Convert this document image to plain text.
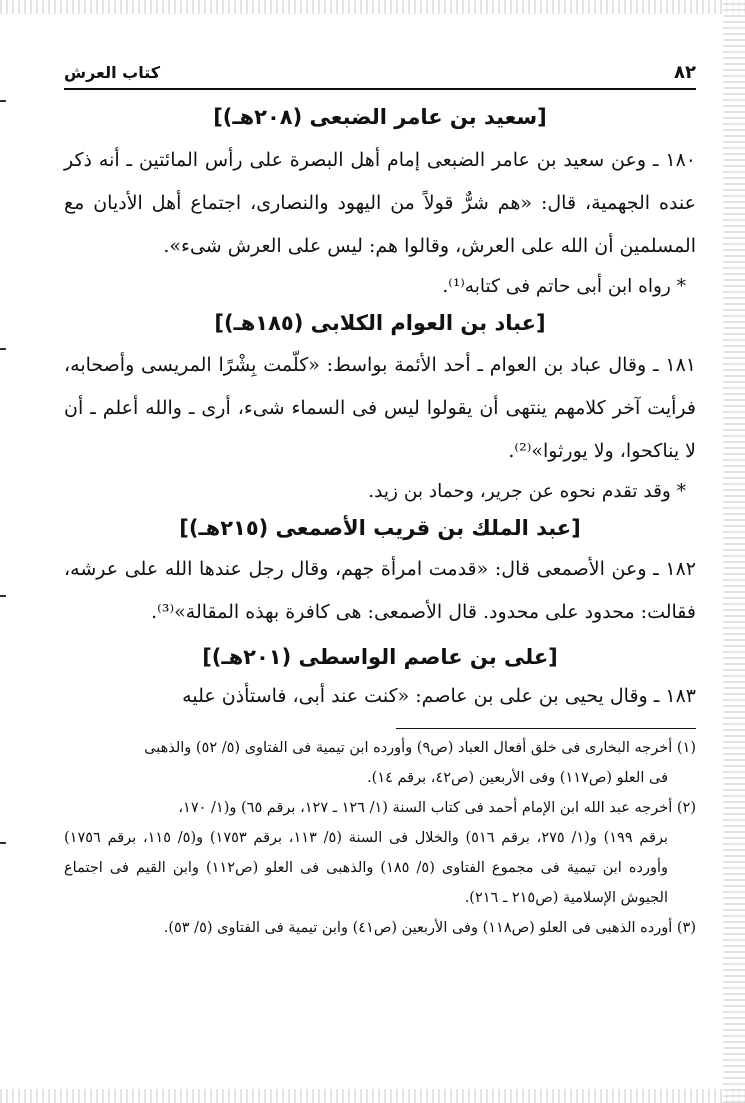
٨٢
كتاب العرش
[سعيد بن عامر الضبعى (٢٠٨هـ)]

١٨٠ ـ وعن سعيد بن عامر الضبعى إمام أهل البصرة على رأس المائتين ـ أنه ذكر عنده الجهمية، قال: «هم شرٌّ قولاً من اليهود والنصارى، اجتماع أهل الأديان مع المسلمين أن الله على العرش، وقالوا هم: ليس على العرش شىء».

* رواه ابن أبى حاتم فى كتابه⁽¹⁾.

[عباد بن العوام الكلابى (١٨٥هـ)]

١٨١ ـ وقال عباد بن العوام ـ أحد الأئمة بواسط: «كلّمت بِشْرًا المريسى وأصحابه، فرأيت آخر كلامهم ينتهى أن يقولوا ليس فى السماء شىء، أرى ـ والله أعلم ـ أن لا يناكحوا، ولا يورثوا»⁽²⁾.

* وقد تقدم نحوه عن جرير، وحماد بن زيد.

[عبد الملك بن قريب الأصمعى (٢١٥هـ)]

١٨٢ ـ وعن الأصمعى قال: «قدمت امرأة جهم، وقال رجل عندها الله على عرشه، فقالت: محدود على محدود. قال الأصمعى: هى كافرة بهذه المقالة»⁽³⁾.

[على بن عاصم الواسطى (٢٠١هـ)]

١٨٣ ـ وقال يحيى بن على بن عاصم: «كنت عند أبى، فاستأذن عليه

(١) أخرجه البخارى فى خلق أفعال العباد (ص٩) وأورده ابن تيمية فى الفتاوى (٥/ ٥٢) والذهبى

فى العلو (ص١١٧) وفى الأربعين (ص٤٢، برقم ١٤).

(٢) أخرجه عبد الله ابن الإمام أحمد فى كتاب السنة (١/ ١٢٦ ـ ١٢٧، برقم ٦٥) و(١/ ١٧٠،

برقم ١٩٩) و(١/ ٢٧٥، برقم ٥١٦) والخلال فى السنة (٥/ ١١٣، برقم ١٧٥٣) و(٥/ ١١٥، برقم ١٧٥٦) وأورده ابن تيمية فى مجموع الفتاوى (٥/ ١٨٥) والذهبى فى العلو (ص١١٢) وابن القيم فى اجتماع الجيوش الإسلامية (ص٢١٥ ـ ٢١٦).

(٣) أورده الذهبى فى العلو (ص١١٨) وفى الأربعين (ص٤١) وابن تيمية فى الفتاوى (٥/ ٥٣).
